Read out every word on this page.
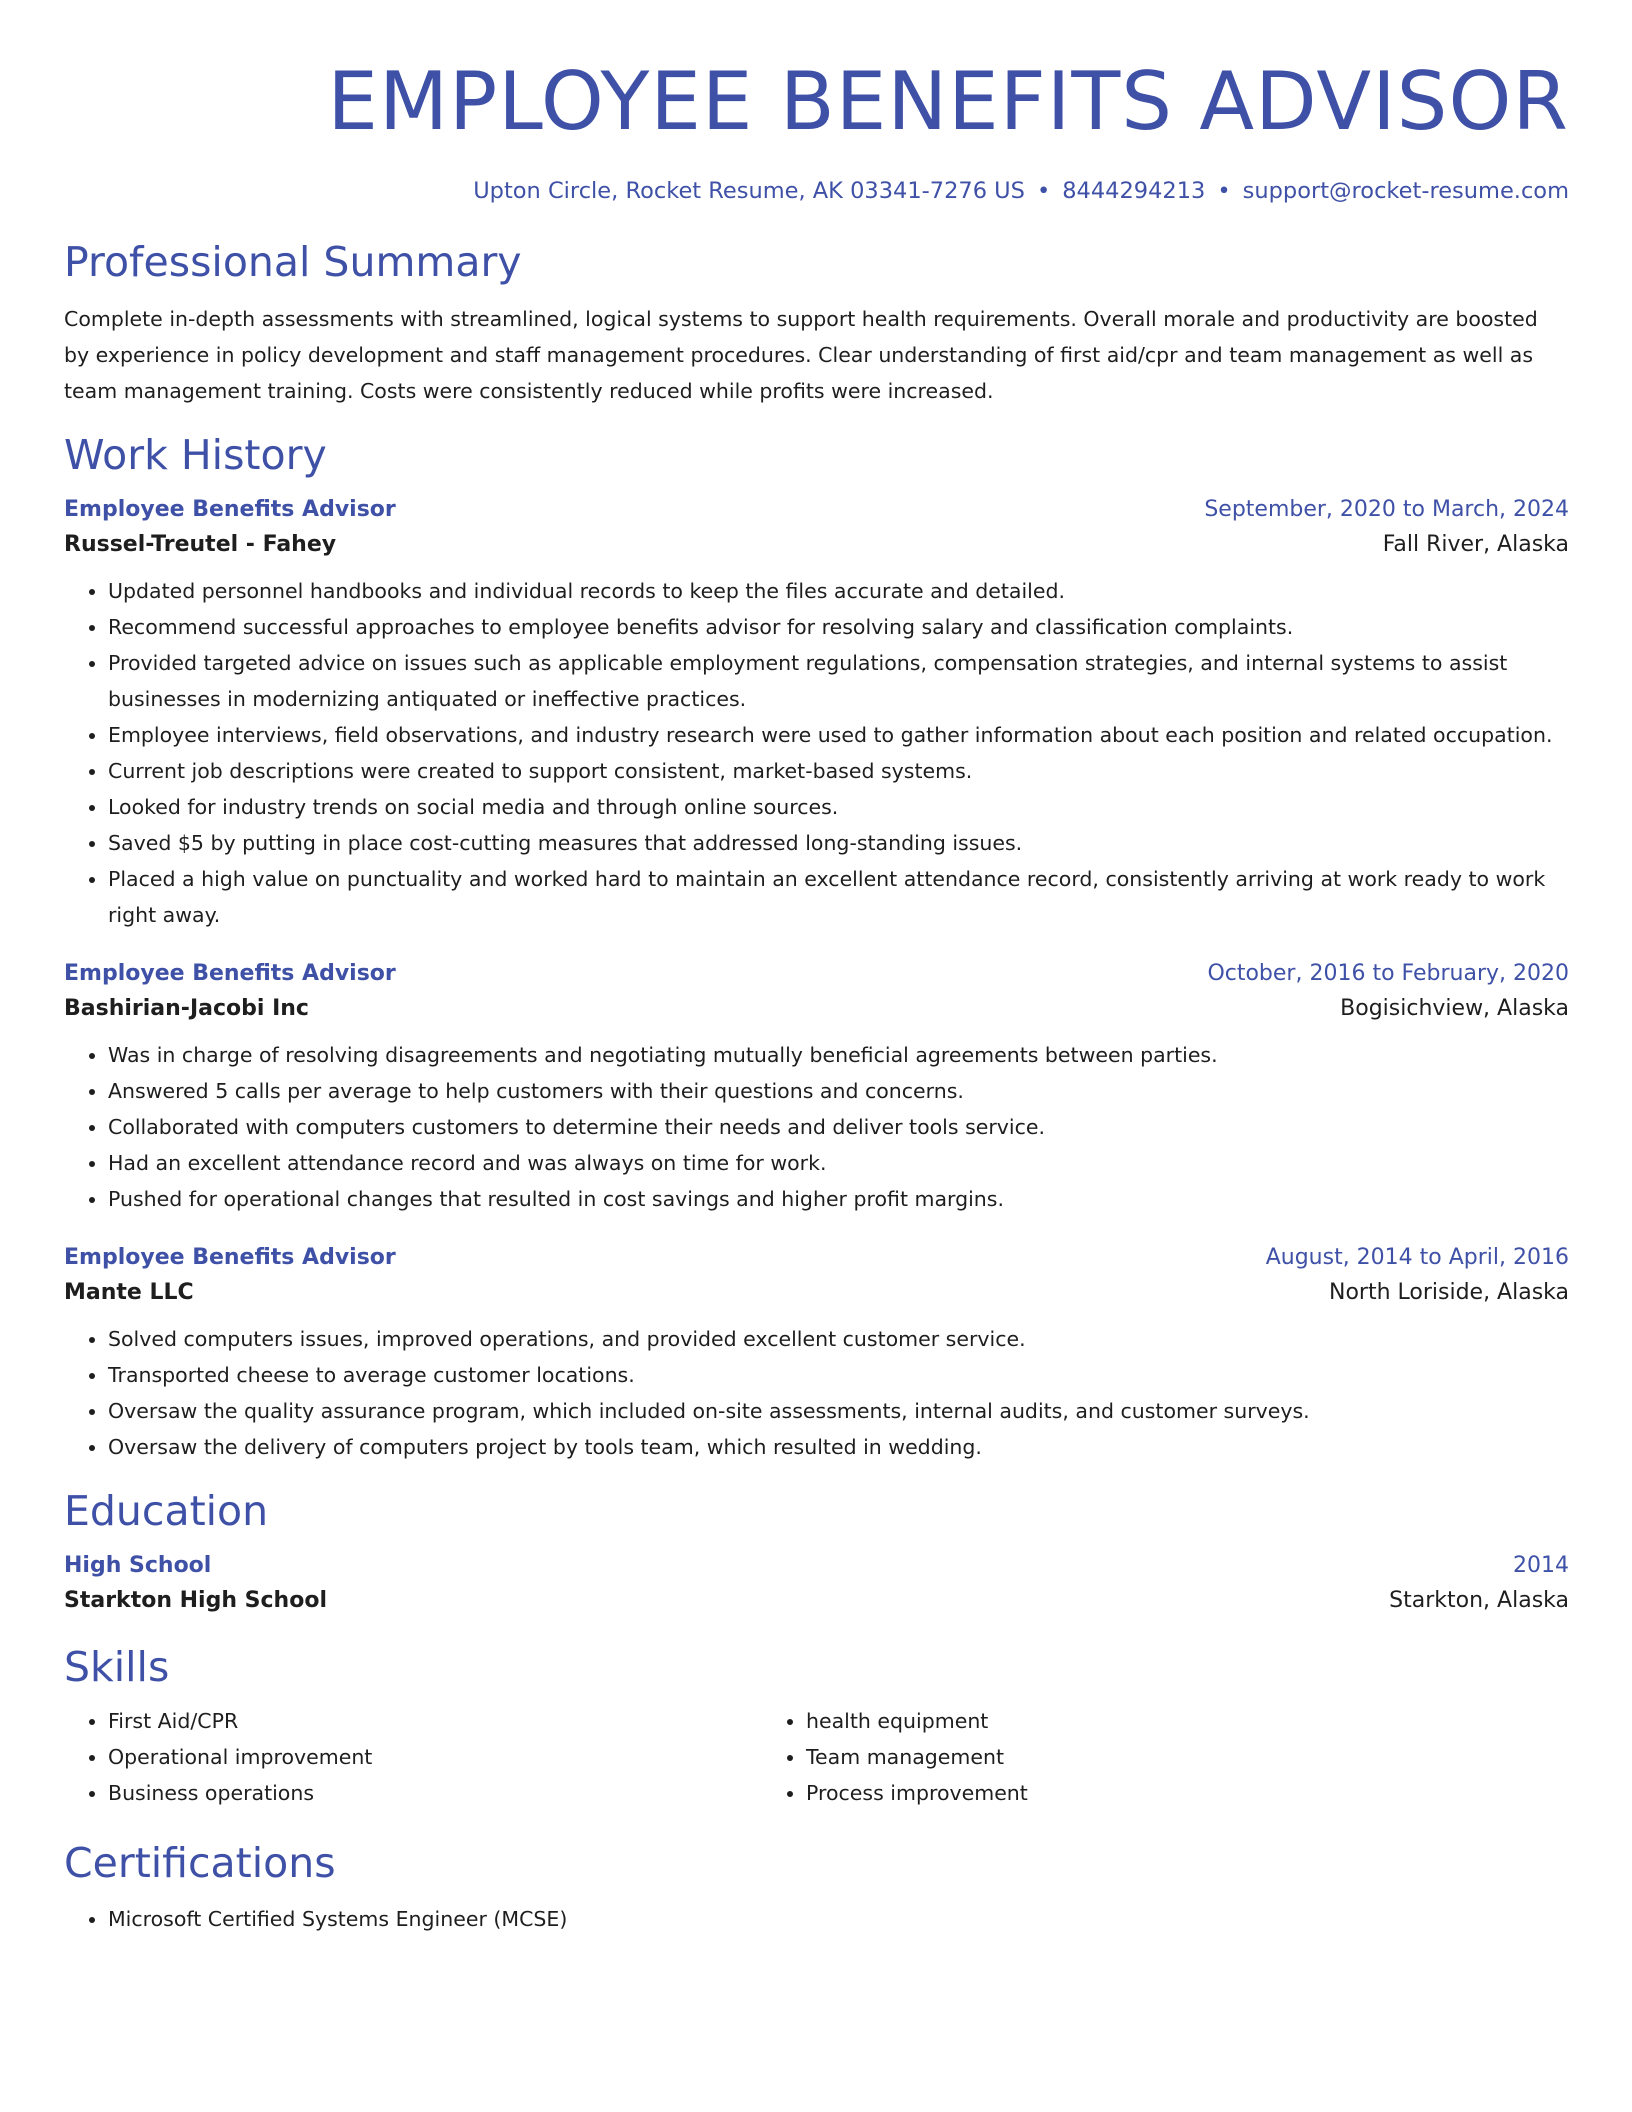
EMPLOYEE BENEFITS ADVISOR
Upton Circle, Rocket Resume, AK 03341-7276 US • 8444294213 • support@rocket-resume.com
Professional Summary
Complete in-depth assessments with streamlined, logical systems to support health requirements. Overall morale and productivity are boosted by experience in policy development and staff management procedures. Clear understanding of first aid/cpr and team management as well as team management training. Costs were consistently reduced while profits were increased.
Work History
Employee Benefits Advisor	September, 2020 to March, 2024
Russel-Treutel - Fahey	Fall River, Alaska
• Updated personnel handbooks and individual records to keep the files accurate and detailed.
• Recommend successful approaches to employee benefits advisor for resolving salary and classification complaints.
• Provided targeted advice on issues such as applicable employment regulations, compensation strategies, and internal systems to assist businesses in modernizing antiquated or ineffective practices.
• Employee interviews, field observations, and industry research were used to gather information about each position and related occupation.
• Current job descriptions were created to support consistent, market-based systems.
• Looked for industry trends on social media and through online sources.
• Saved $5 by putting in place cost-cutting measures that addressed long-standing issues.
• Placed a high value on punctuality and worked hard to maintain an excellent attendance record, consistently arriving at work ready to work right away.
Employee Benefits Advisor	October, 2016 to February, 2020
Bashirian-Jacobi Inc	Bogisichview, Alaska
• Was in charge of resolving disagreements and negotiating mutually beneficial agreements between parties.
• Answered 5 calls per average to help customers with their questions and concerns.
• Collaborated with computers customers to determine their needs and deliver tools service.
• Had an excellent attendance record and was always on time for work.
• Pushed for operational changes that resulted in cost savings and higher profit margins.
Employee Benefits Advisor	August, 2014 to April, 2016
Mante LLC	North Loriside, Alaska
• Solved computers issues, improved operations, and provided excellent customer service.
• Transported cheese to average customer locations.
• Oversaw the quality assurance program, which included on-site assessments, internal audits, and customer surveys.
• Oversaw the delivery of computers project by tools team, which resulted in wedding.
Education
High School	2014
Starkton High School	Starkton, Alaska
Skills
• First Aid/CPR
• Operational improvement
• Business operations
• health equipment
• Team management
• Process improvement
Certifications
• Microsoft Certified Systems Engineer (MCSE)
